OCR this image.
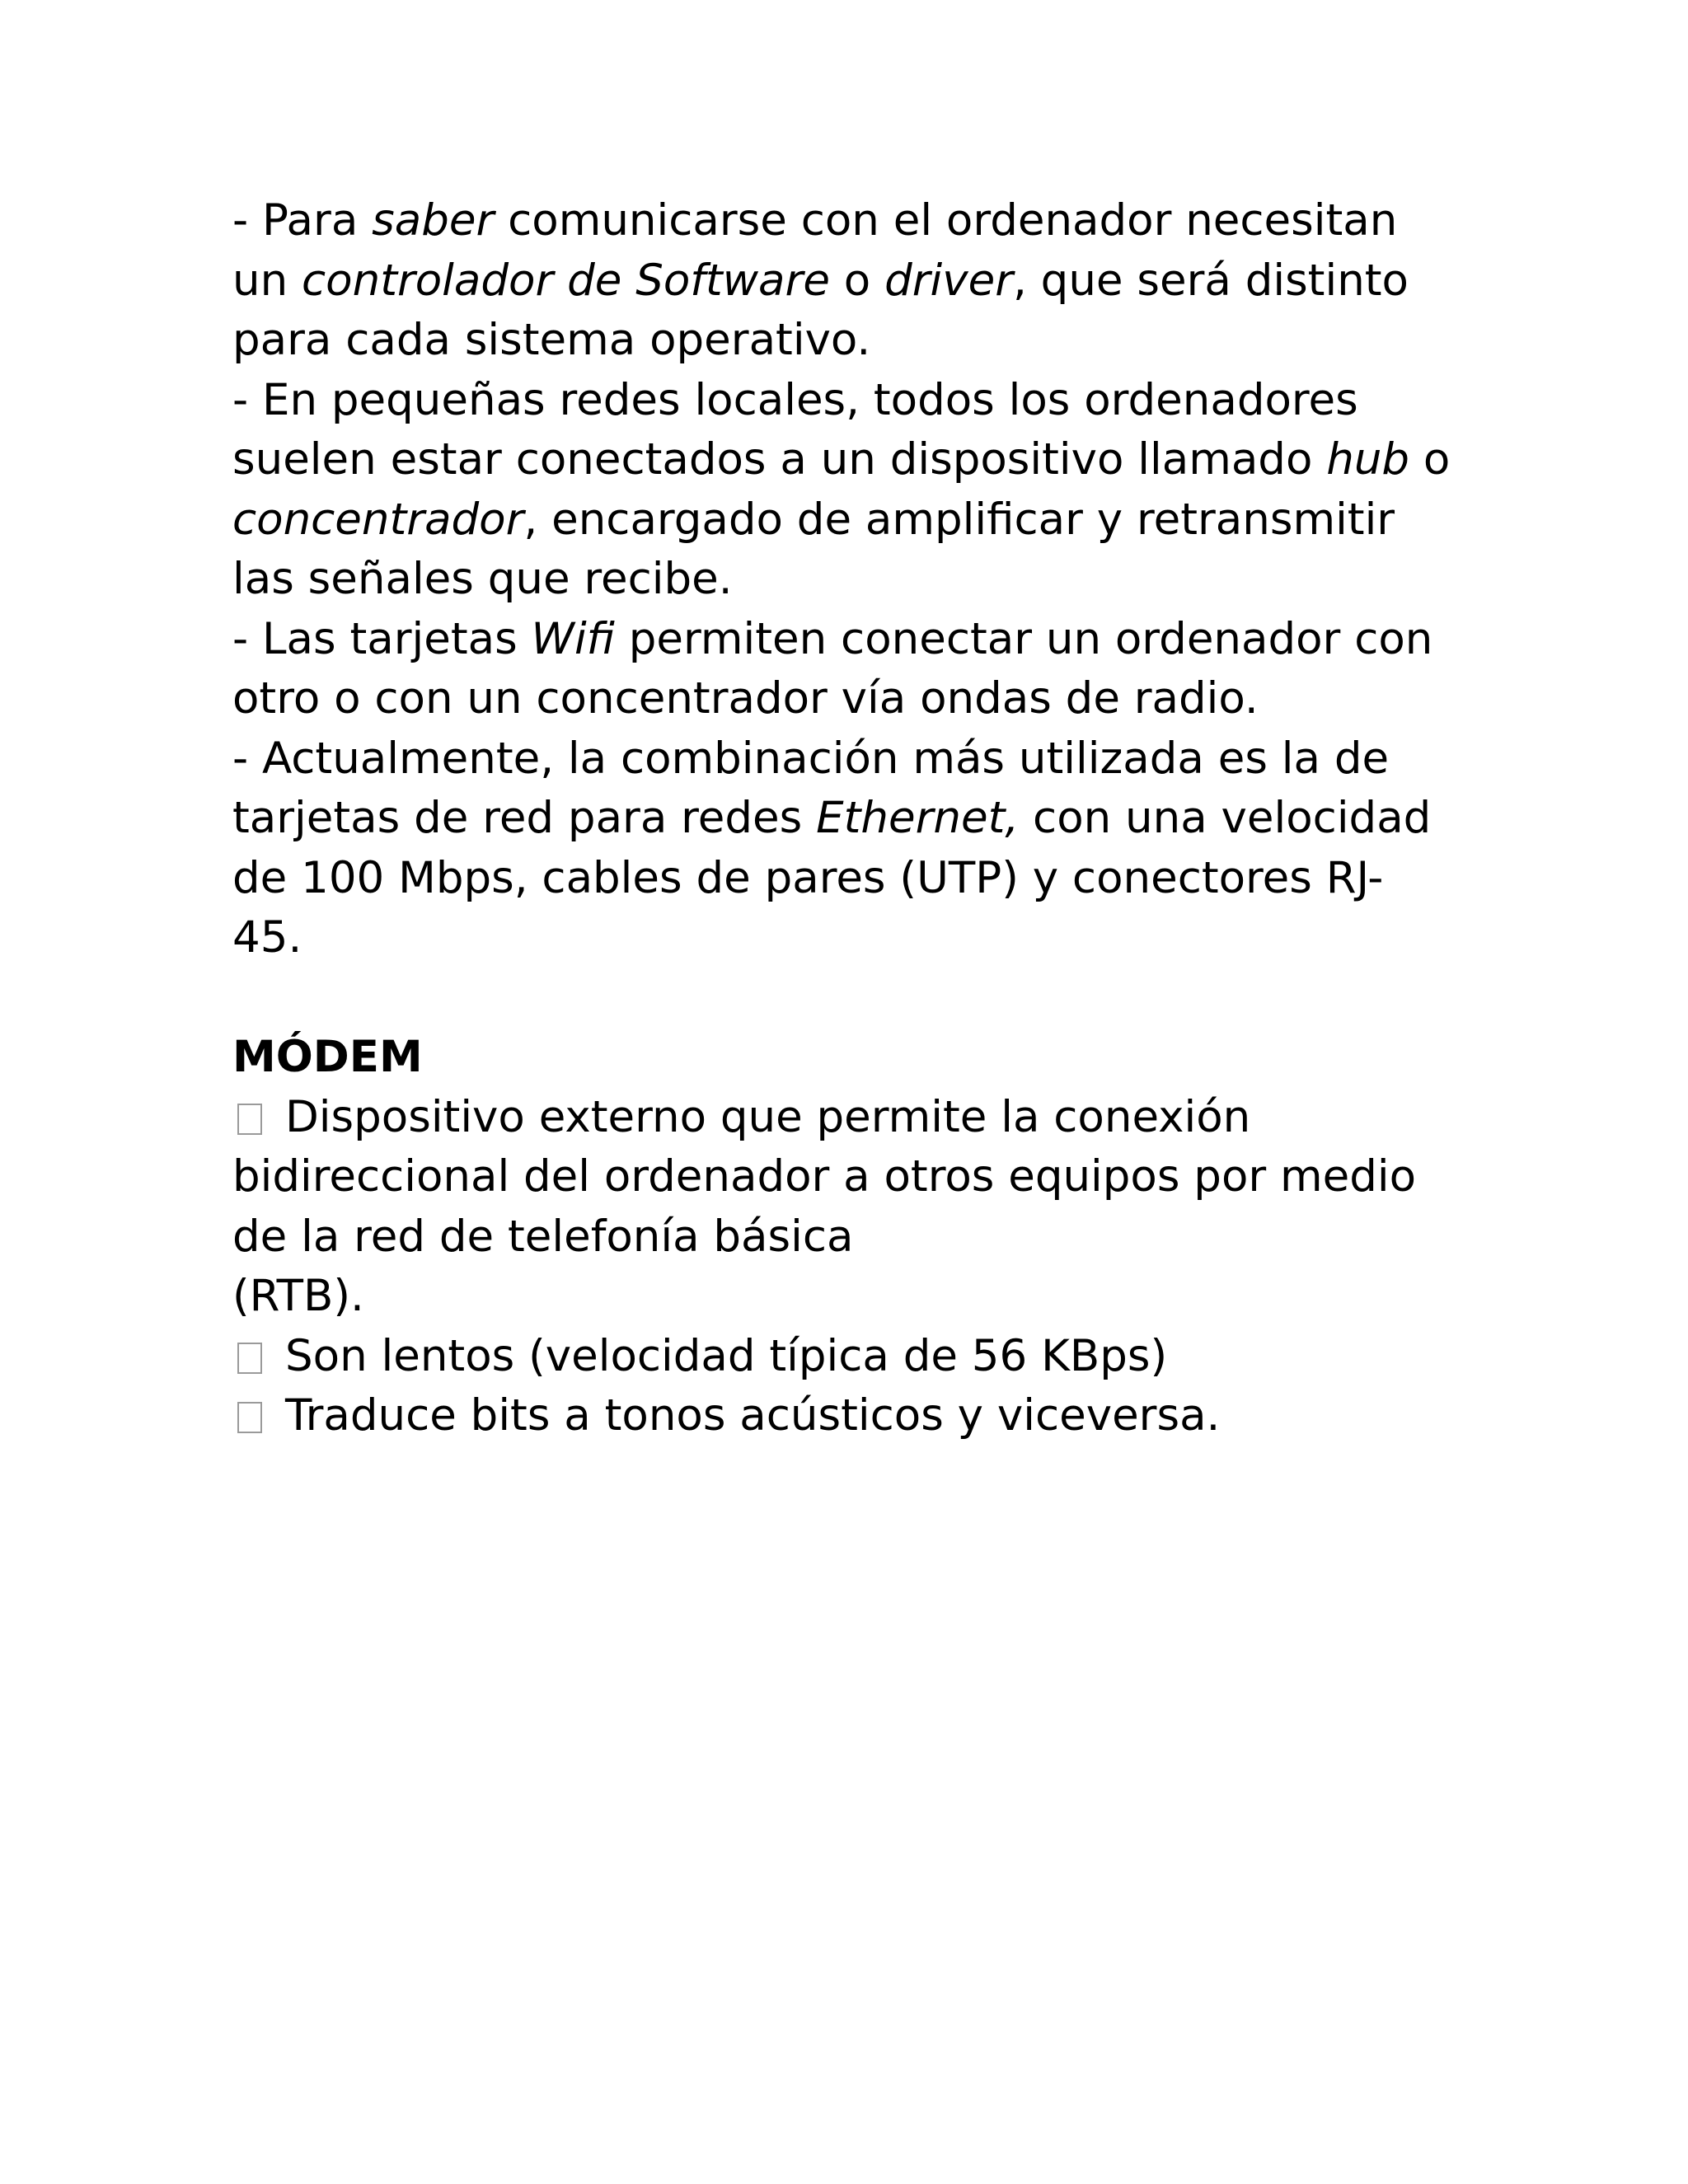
- Para saber comunicarse con el ordenador necesitan
un controlador de Software o driver, que será distinto
para cada sistema operativo.
- En pequeñas redes locales, todos los ordenadores
suelen estar conectados a un dispositivo llamado hub o
concentrador, encargado de amplificar y retransmitir
las señales que recibe.
- Las tarjetas Wifi permiten conectar un ordenador con
otro o con un concentrador vía ondas de radio.
- Actualmente, la combinación más utilizada es la de
tarjetas de red para redes Ethernet, con una velocidad
de 100 Mbps, cables de pares (UTP) y conectores RJ-
45.
MÓDEM
Dispositivo externo que permite la conexión
bidireccional del ordenador a otros equipos por medio
de la red de telefonía básica
(RTB).
Son lentos (velocidad típica de 56 KBps)
Traduce bits a tonos acústicos y viceversa.
